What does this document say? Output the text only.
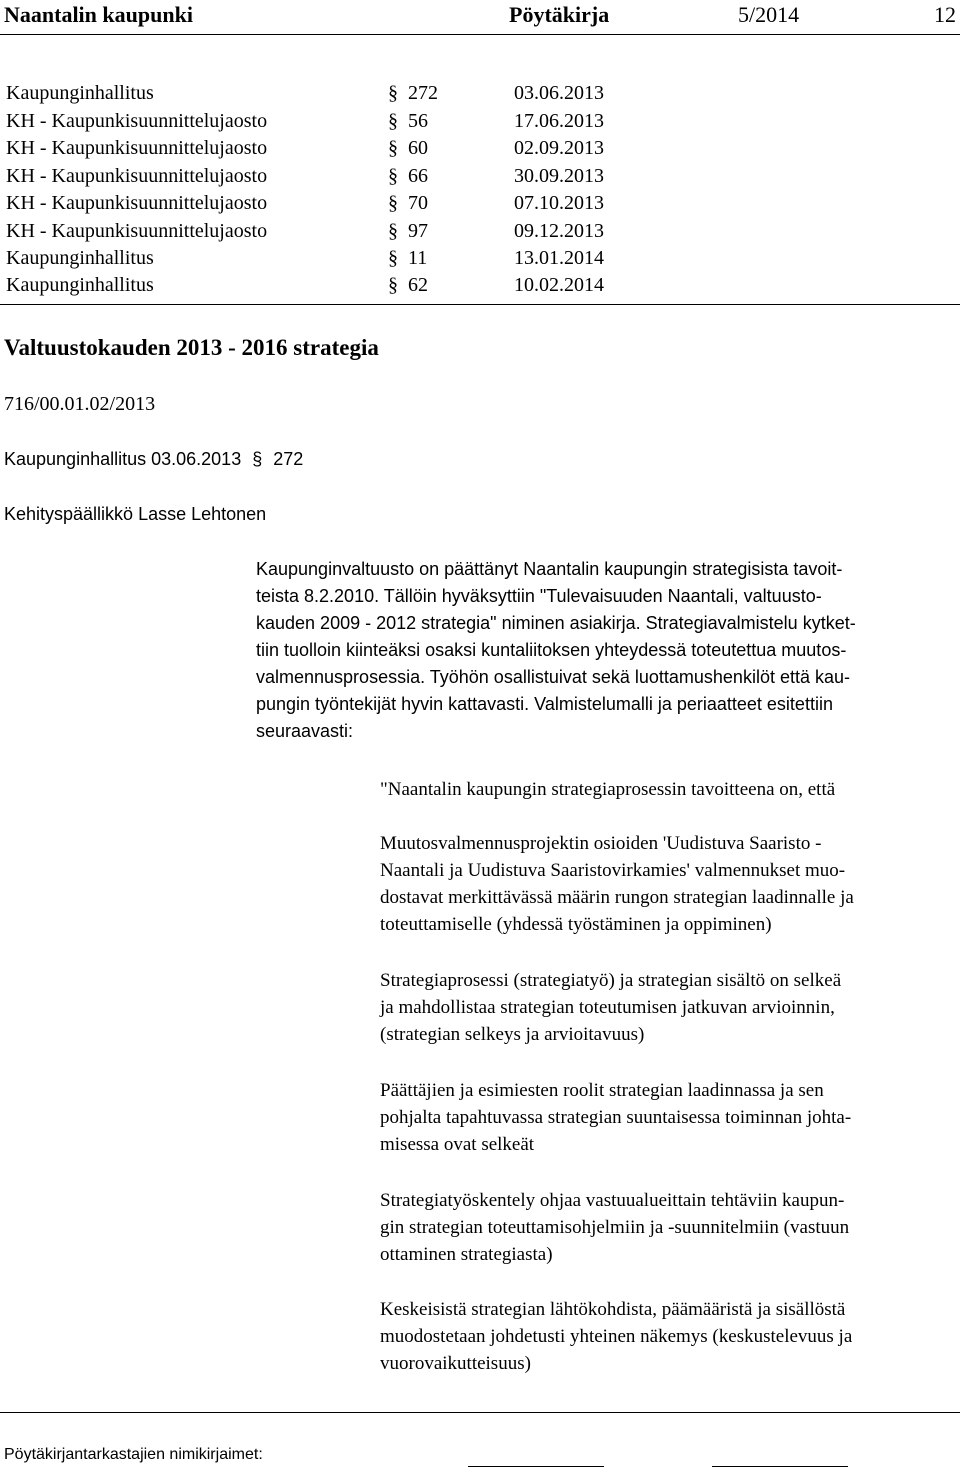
Naantalin kaupunki	Pöytäkirja	5/2014	12
Kaupunginhallitus	§ 272	03.06.2013
KH - Kaupunkisuunnittelujaosto	§ 56	17.06.2013
KH - Kaupunkisuunnittelujaosto	§ 60	02.09.2013
KH - Kaupunkisuunnittelujaosto	§ 66	30.09.2013
KH - Kaupunkisuunnittelujaosto	§ 70	07.10.2013
KH - Kaupunkisuunnittelujaosto	§ 97	09.12.2013
Kaupunginhallitus	§ 11	13.01.2014
Kaupunginhallitus	§ 62	10.02.2014
Valtuustokauden 2013 - 2016 strategia
716/00.01.02/2013
Kaupunginhallitus 03.06.2013 § 272
Kehityspäällikkö Lasse Lehtonen
Kaupunginvaltuusto on päättänyt Naantalin kaupungin strategisista tavoit-
teista 8.2.2010. Tällöin hyväksyttiin "Tulevaisuuden Naantali, valtuusto-
kauden 2009 - 2012 strategia" niminen asiakirja. Strategiavalmistelu kytket-
tiin tuolloin kiinteäksi osaksi kuntaliitoksen yhteydessä toteutettua muutos-
valmennusprosessia. Työhön osallistuivat sekä luottamushenkilöt että kau-
pungin työntekijät hyvin kattavasti. Valmistelumalli ja periaatteet esitettiin
seuraavasti:
"Naantalin kaupungin strategiaprosessin tavoitteena on, että
Muutosvalmennusprojektin osioiden 'Uudistuva Saaristo -
Naantali ja Uudistuva Saaristovirkamies' valmennukset muo-
dostavat merkittävässä määrin rungon strategian laadinnalle ja
toteuttamiselle (yhdessä työstäminen ja oppiminen)
Strategiaprosessi (strategiatyö) ja strategian sisältö on selkeä
ja mahdollistaa strategian toteutumisen jatkuvan arvioinnin,
(strategian selkeys ja arvioitavuus)
Päättäjien ja esimiesten roolit strategian laadinnassa ja sen
pohjalta tapahtuvassa strategian suuntaisessa toiminnan johta-
misessa ovat selkeät
Strategiatyöskentely ohjaa vastuualueittain tehtäviin kaupun-
gin strategian toteuttamisohjelmiin ja -suunnitelmiin (vastuun
ottaminen strategiasta)
Keskeisistä strategian lähtökohdista, päämääristä ja sisällöstä
muodostetaan johdetusti yhteinen näkemys (keskustelevuus ja
vuorovaikutteisuus)
Pöytäkirjantarkastajien nimikirjaimet:
